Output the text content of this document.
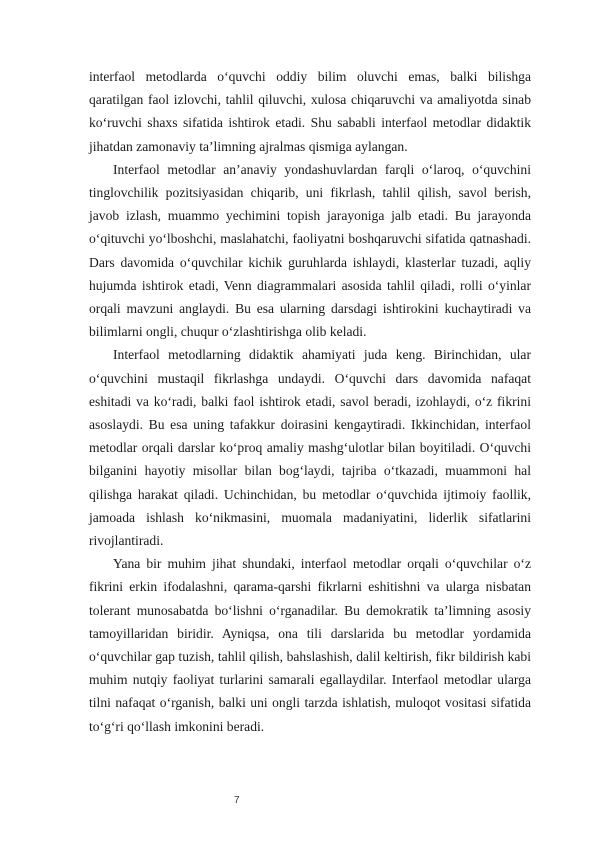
interfaol metodlarda o‘quvchi oddiy bilim oluvchi emas, balki bilishga qaratilgan faol izlovchi, tahlil qiluvchi, xulosa chiqaruvchi va amaliyotda sinab ko‘ruvchi shaxs sifatida ishtirok etadi. Shu sababli interfaol metodlar didaktik jihatdan zamonaviy ta’limning ajralmas qismiga aylangan.

Interfaol metodlar an’anaviy yondashuvlardan farqli o‘laroq, o‘quvchini tinglovchilik pozitsiyasidan chiqarib, uni fikrlash, tahlil qilish, savol berish, javob izlash, muammo yechimini topish jarayoniga jalb etadi. Bu jarayonda o‘qituvchi yo‘lboshchi, maslahatchi, faoliyatni boshqaruvchi sifatida qatnashadi. Dars davomida o‘quvchilar kichik guruhlarda ishlaydi, klasterlar tuzadi, aqliy hujumda ishtirok etadi, Venn diagrammalari asosida tahlil qiladi, rolli o‘yinlar orqali mavzuni anglaydi. Bu esa ularning darsdagi ishtirokini kuchaytiradi va bilimlarni ongli, chuqur o‘zlashtirishga olib keladi.

Interfaol metodlarning didaktik ahamiyati juda keng. Birinchidan, ular o‘quvchini mustaqil fikrlashga undaydi. O‘quvchi dars davomida nafaqat eshitadi va ko‘radi, balki faol ishtirok etadi, savol beradi, izohlaydi, o‘z fikrini asoslaydi. Bu esa uning tafakkur doirasini kengaytiradi. Ikkinchidan, interfaol metodlar orqali darslar ko‘proq amaliy mashg‘ulotlar bilan boyitiladi. O‘quvchi bilganini hayotiy misollar bilan bog‘laydi, tajriba o‘tkazadi, muammoni hal qilishga harakat qiladi. Uchinchidan, bu metodlar o‘quvchida ijtimoiy faollik, jamoada ishlash ko‘nikmasini, muomala madaniyatini, liderlik sifatlarini rivojlantiradi.

Yana bir muhim jihat shundaki, interfaol metodlar orqali o‘quvchilar o‘z fikrini erkin ifodalashni, qarama-qarshi fikrlarni eshitishni va ularga nisbatan tolerant munosabatda bo‘lishni o‘rganadilar. Bu demokratik ta’limning asosiy tamoyillaridan biridir. Ayniqsa, ona tili darslarida bu metodlar yordamida o‘quvchilar gap tuzish, tahlil qilish, bahslashish, dalil keltirish, fikr bildirish kabi muhim nutqiy faoliyat turlarini samarali egallaydilar. Interfaol metodlar ularga tilni nafaqat o‘rganish, balki uni ongli tarzda ishlatish, muloqot vositasi sifatida to‘g‘ri qo‘llash imkonini beradi.

7
